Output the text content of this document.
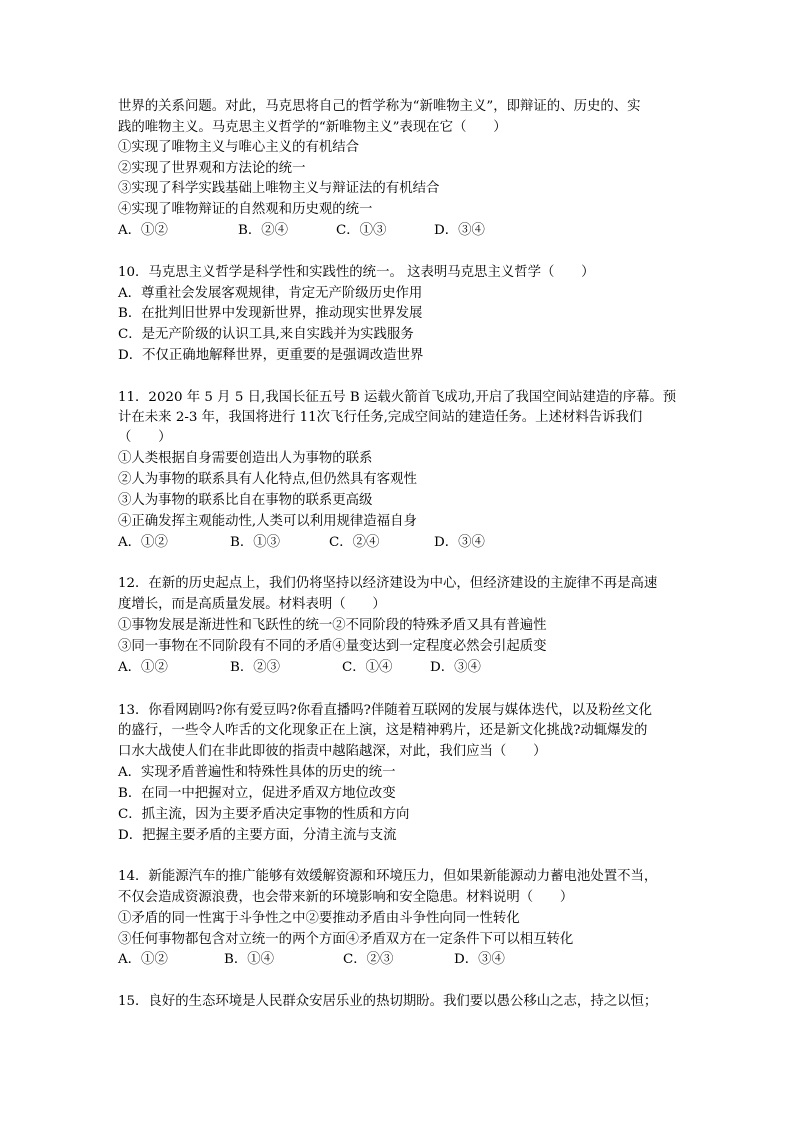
世界的关系问题。对此，马克思将自己的哲学称为“新唯物主义”，即辩证的、历史的、实
践的唯物主义。马克思主义哲学的“新唯物主义”表现在它（　　）
①实现了唯物主义与唯心主义的有机结合
②实现了世界观和方法论的统一
③实现了科学实践基础上唯物主义与辩证法的有机结合
④实现了唯物辩证的自然观和历史观的统一
A．①②	B．②④	C．①③	D．③④
10．马克思主义哲学是科学性和实践性的统一。 这表明马克思主义哲学（　　）
A．尊重社会发展客观规律，肯定无产阶级历史作用
B．在批判旧世界中发现新世界，推动现实世界发展
C．是无产阶级的认识工具,来自实践并为实践服务
D．不仅正确地解释世界，更重要的是强调改造世界
11．2020 年 5 月 5 日,我国长征五号 B 运载火箭首飞成功,开启了我国空间站建造的序幕。预
计在未来 2-3 年，我国将进行 11次飞行任务,完成空间站的建造任务。上述材料告诉我们
（　　）
①人类根据自身需要创造出人为事物的联系
②人为事物的联系具有人化特点,但仍然具有客观性
③人为事物的联系比自在事物的联系更高级
④正确发挥主观能动性,人类可以利用规律造福自身
A．①②	B．①③	C．②④	D．③④
12．在新的历史起点上，我们仍将坚持以经济建设为中心，但经济建设的主旋律不再是高速
度增长，而是高质量发展。材料表明（　　）
①事物发展是渐进性和飞跃性的统一②不同阶段的特殊矛盾又具有普遍性
③同一事物在不同阶段有不同的矛盾④量变达到一定程度必然会引起质变
A．①②	B．②③	C．①④	D．③④
13．你看网剧吗?你有爱豆吗?你看直播吗?伴随着互联网的发展与媒体迭代，以及粉丝文化
的盛行，一些令人咋舌的文化现象正在上演，这是精神鸦片，还是新文化挑战?动辄爆发的
口水大战使人们在非此即彼的指责中越陷越深，对此，我们应当（　　）
A．实现矛盾普遍性和特殊性具体的历史的统一
B．在同一中把握对立，促进矛盾双方地位改变
C．抓主流，因为主要矛盾决定事物的性质和方向
D．把握主要矛盾的主要方面，分清主流与支流
14．新能源汽车的推广能够有效缓解资源和环境压力，但如果新能源动力蓄电池处置不当，
不仅会造成资源浪费，也会带来新的环境影响和安全隐患。材料说明（　　）
①矛盾的同一性寓于斗争性之中②要推动矛盾由斗争性向同一性转化
③任何事物都包含对立统一的两个方面④矛盾双方在一定条件下可以相互转化
A．①②	B．①④	C．②③	D．③④
15．良好的生态环境是人民群众安居乐业的热切期盼。我们要以愚公移山之志，持之以恒；
